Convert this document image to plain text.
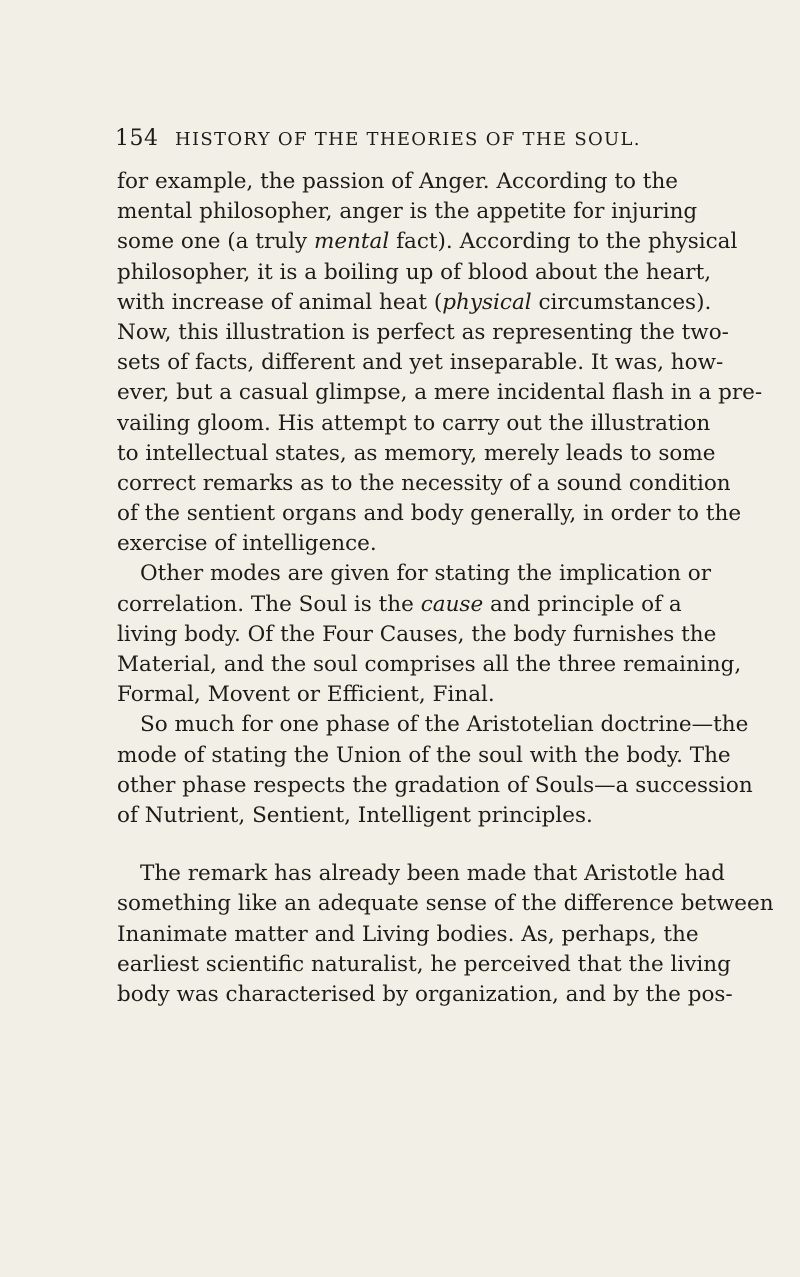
154 HISTORY OF THE THEORIES OF THE SOUL.
for example, the passion of Anger. According to the
mental philosopher, anger is the appetite for injuring
some one (a truly mental fact). According to the physical
philosopher, it is a boiling up of blood about the heart,
with increase of animal heat (physical circumstances).
Now, this illustration is perfect as representing the two-
sets of facts, different and yet inseparable. It was, how-
ever, but a casual glimpse, a mere incidental flash in a pre-
vailing gloom. His attempt to carry out the illustration
to intellectual states, as memory, merely leads to some
correct remarks as to the necessity of a sound condition
of the sentient organs and body generally, in order to the
exercise of intelligence.
Other modes are given for stating the implication or
correlation. The Soul is the cause and principle of a
living body. Of the Four Causes, the body furnishes the
Material, and the soul comprises all the three remaining,
Formal, Movent or Efficient, Final.
So much for one phase of the Aristotelian doctrine—the
mode of stating the Union of the soul with the body. The
other phase respects the gradation of Souls—a succession
of Nutrient, Sentient, Intelligent principles.
The remark has already been made that Aristotle had
something like an adequate sense of the difference between
Inanimate matter and Living bodies. As, perhaps, the
earliest scientific naturalist, he perceived that the living
body was characterised by organization, and by the pos-
